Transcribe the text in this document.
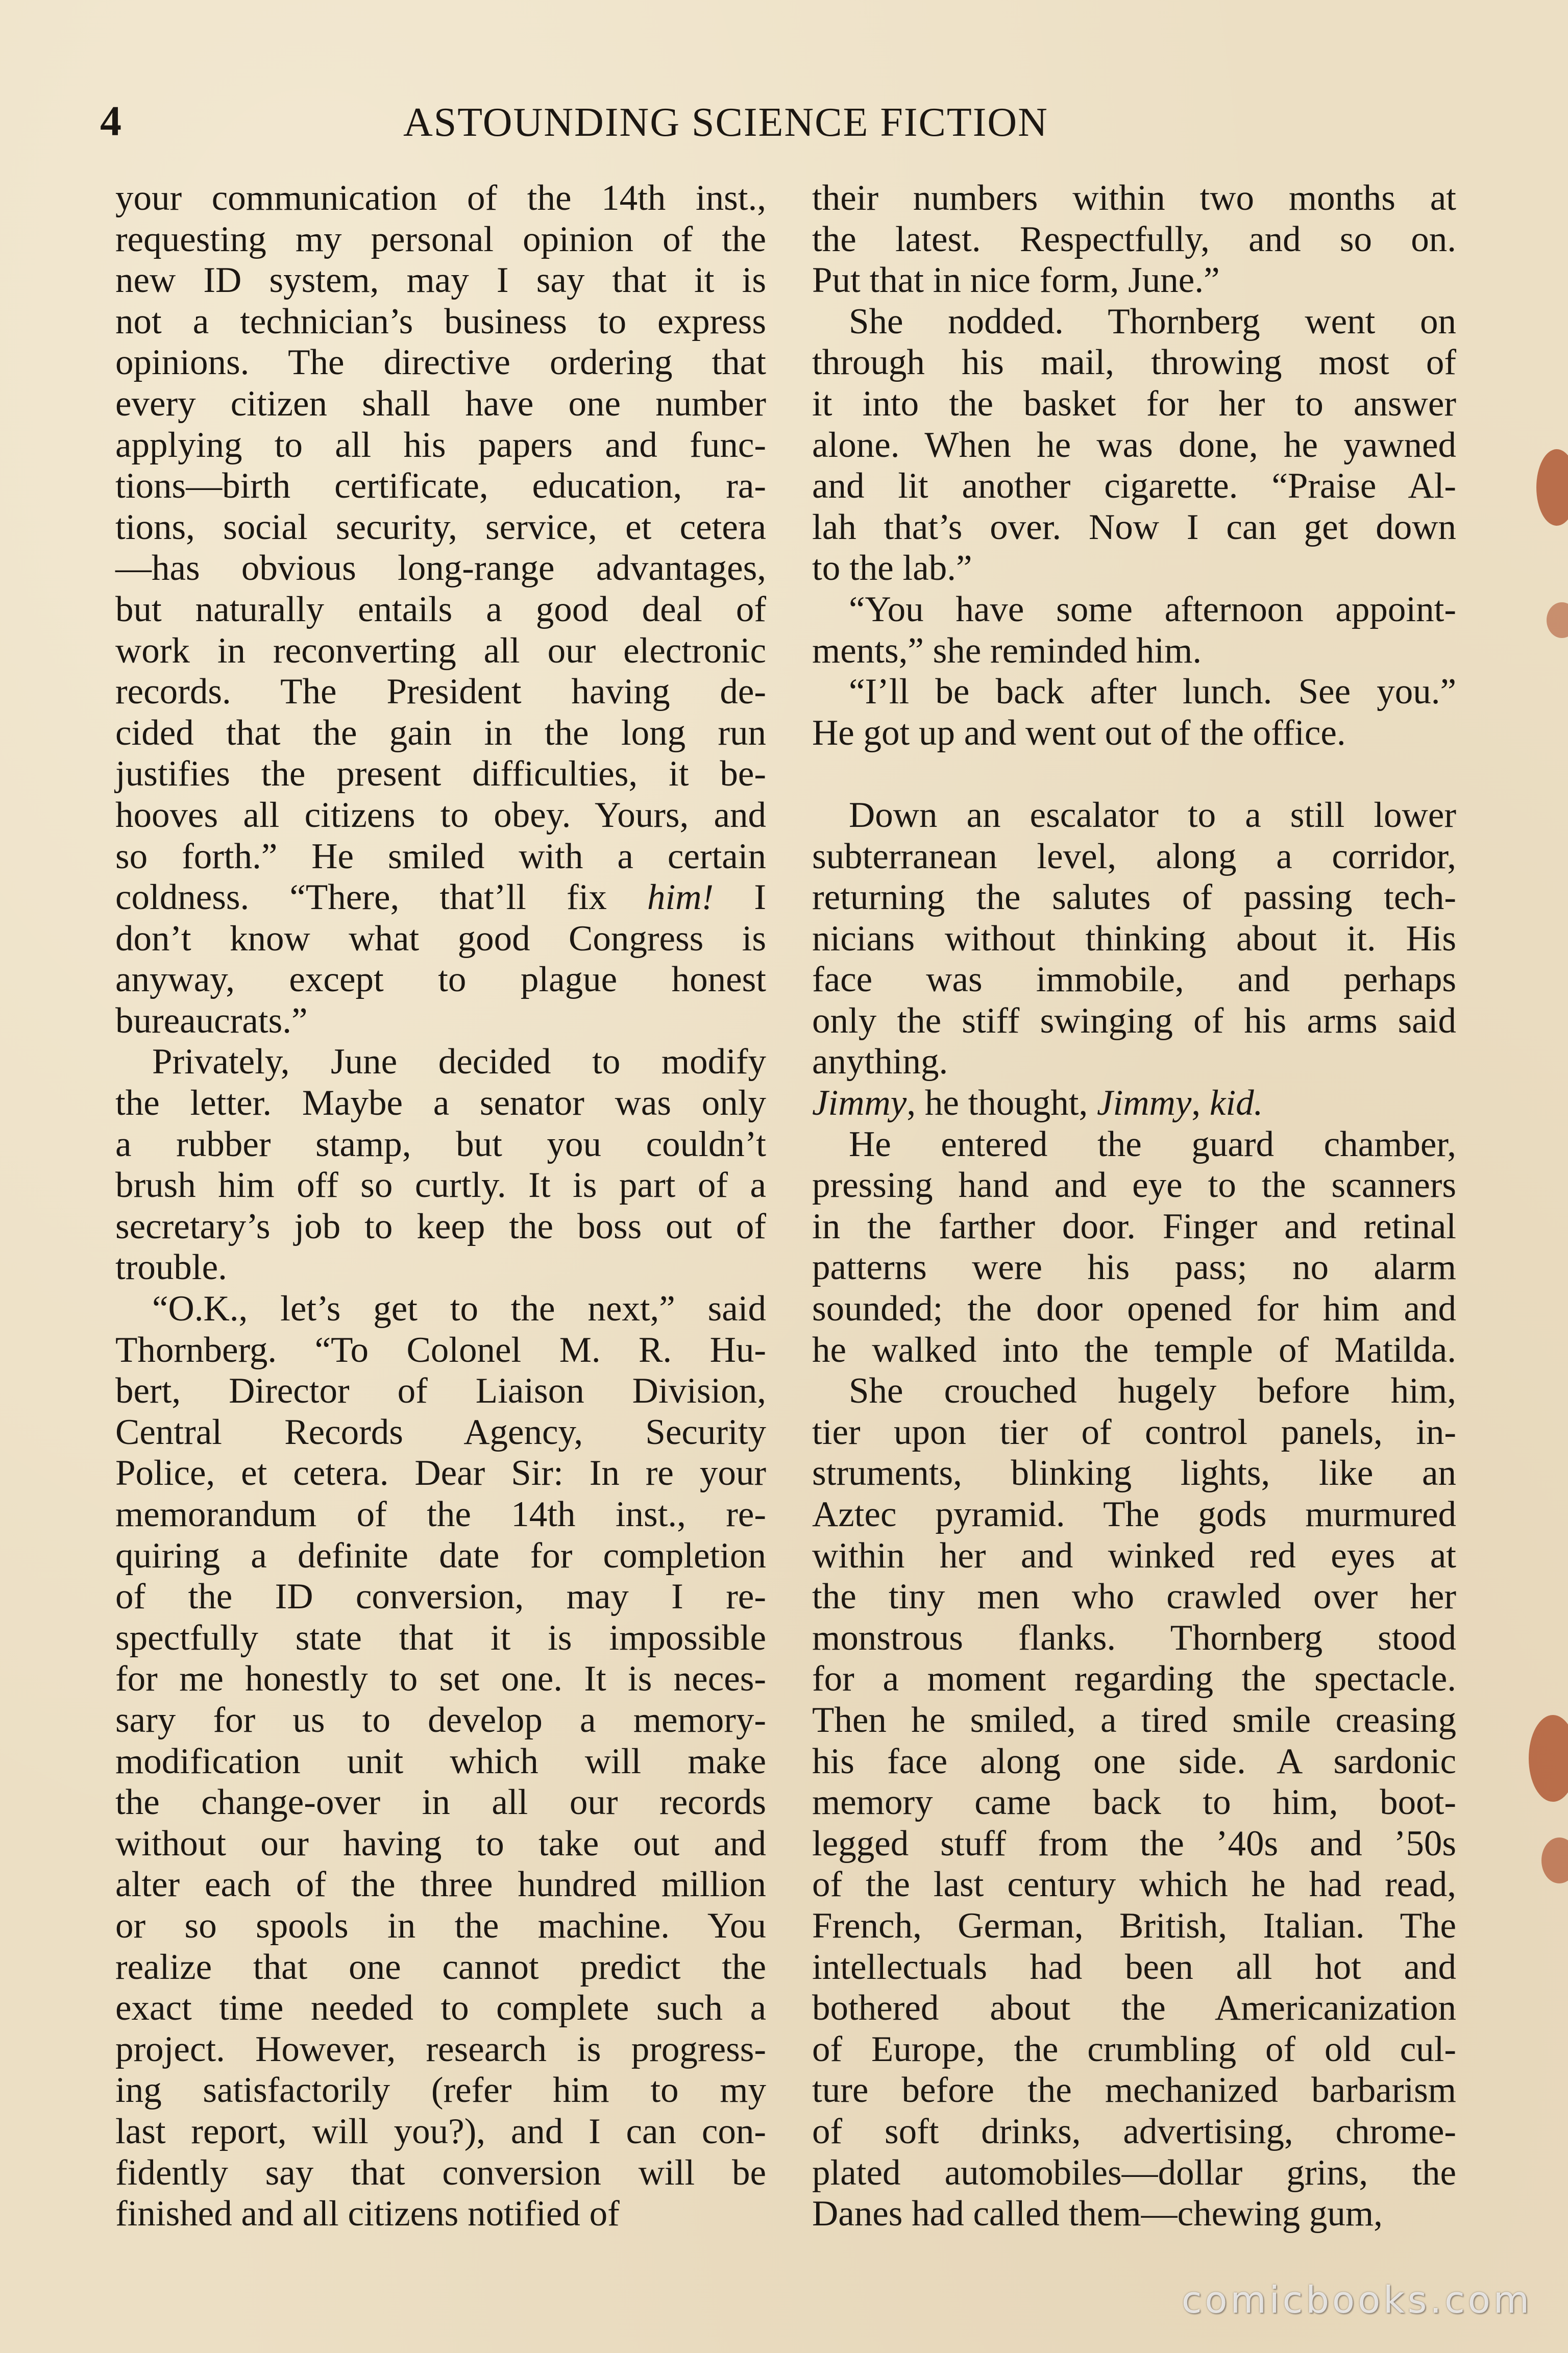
4	ASTOUNDING SCIENCE FICTION
your communication of the 14th inst.,
requesting my personal opinion of the
new ID system, may I say that it is
not a technician’s business to express
opinions. The directive ordering that
every citizen shall have one number
applying to all his papers and func-
tions—birth certificate, education, ra-
tions, social security, service, et cetera
—has obvious long-range advantages,
but naturally entails a good deal of
work in reconverting all our electronic
records. The President having de-
cided that the gain in the long run
justifies the present difficulties, it be-
hooves all citizens to obey. Yours, and
so forth.” He smiled with a certain
coldness. “There, that’ll fix him! I
don’t know what good Congress is
anyway, except to plague honest
bureaucrats.”
Privately, June decided to modify
the letter. Maybe a senator was only
a rubber stamp, but you couldn’t
brush him off so curtly. It is part of a
secretary’s job to keep the boss out of
trouble.
“O.K., let’s get to the next,” said
Thornberg. “To Colonel M. R. Hu-
bert, Director of Liaison Division,
Central Records Agency, Security
Police, et cetera. Dear Sir: In re your
memorandum of the 14th inst., re-
quiring a definite date for completion
of the ID conversion, may I re-
spectfully state that it is impossible
for me honestly to set one. It is neces-
sary for us to develop a memory-
modification unit which will make
the change-over in all our records
without our having to take out and
alter each of the three hundred million
or so spools in the machine. You
realize that one cannot predict the
exact time needed to complete such a
project. However, research is progress-
ing satisfactorily (refer him to my
last report, will you?), and I can con-
fidently say that conversion will be
finished and all citizens notified of
their numbers within two months at
the latest. Respectfully, and so on.
Put that in nice form, June.”
She nodded. Thornberg went on
through his mail, throwing most of
it into the basket for her to answer
alone. When he was done, he yawned
and lit another cigarette. “Praise Al-
lah that’s over. Now I can get down
to the lab.”
“You have some afternoon appoint-
ments,” she reminded him.
“I’ll be back after lunch. See you.”
He got up and went out of the office.
Down an escalator to a still lower
subterranean level, along a corridor,
returning the salutes of passing tech-
nicians without thinking about it. His
face was immobile, and perhaps
only the stiff swinging of his arms said
anything.
Jimmy, he thought, Jimmy, kid.
He entered the guard chamber,
pressing hand and eye to the scanners
in the farther door. Finger and retinal
patterns were his pass; no alarm
sounded; the door opened for him and
he walked into the temple of Matilda.
She crouched hugely before him,
tier upon tier of control panels, in-
struments, blinking lights, like an
Aztec pyramid. The gods murmured
within her and winked red eyes at
the tiny men who crawled over her
monstrous flanks. Thornberg stood
for a moment regarding the spectacle.
Then he smiled, a tired smile creasing
his face along one side. A sardonic
memory came back to him, boot-
legged stuff from the ’40s and ’50s
of the last century which he had read,
French, German, British, Italian. The
intellectuals had been all hot and
bothered about the Americanization
of Europe, the crumbling of old cul-
ture before the mechanized barbarism
of soft drinks, advertising, chrome-
plated automobiles—dollar grins, the
Danes had called them—chewing gum,
comicbooks.com
